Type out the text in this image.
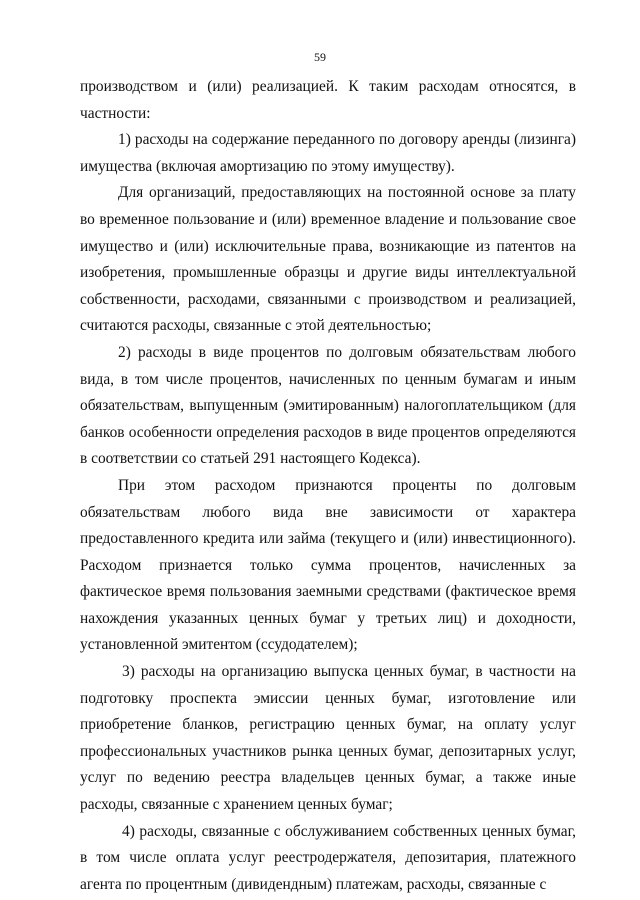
59

производством и (или) реализацией. К таким расходам относятся, в частности:

1) расходы на содержание переданного по договору аренды (лизинга) имущества (включая амортизацию по этому имуществу).

Для организаций, предоставляющих на постоянной основе за плату во временное пользование и (или) временное владение и пользование свое имущество и (или) исключительные права, возникающие из патентов на изобретения, промышленные образцы и другие виды интеллектуальной собственности, расходами, связанными с производством и реализацией, считаются расходы, связанные с этой деятельностью;

2) расходы в виде процентов по долговым обязательствам любого вида, в том числе процентов, начисленных по ценным бумагам и иным обязательствам, выпущенным (эмитированным) налогоплательщиком (для банков особенности определения расходов в виде процентов определяются в соответствии со статьей 291 настоящего Кодекса).

При этом расходом признаются проценты по долговым обязательствам любого вида вне зависимости от характера предоставленного кредита или займа (текущего и (или) инвестиционного). Расходом признается только сумма процентов, начисленных за фактическое время пользования заемными средствами (фактическое время нахождения указанных ценных бумаг у третьих лиц) и доходности, установленной эмитентом (ссудодателем);

3) расходы на организацию выпуска ценных бумаг, в частности на подготовку проспекта эмиссии ценных бумаг, изготовление или приобретение бланков, регистрацию ценных бумаг, на оплату услуг профессиональных участников рынка ценных бумаг, депозитарных услуг, услуг по ведению реестра владельцев ценных бумаг, а также иные расходы, связанные с хранением ценных бумаг;

4) расходы, связанные с обслуживанием собственных ценных бумаг, в том числе оплата услуг реестродержателя, депозитария, платежного агента по процентным (дивидендным) платежам, расходы, связанные с
